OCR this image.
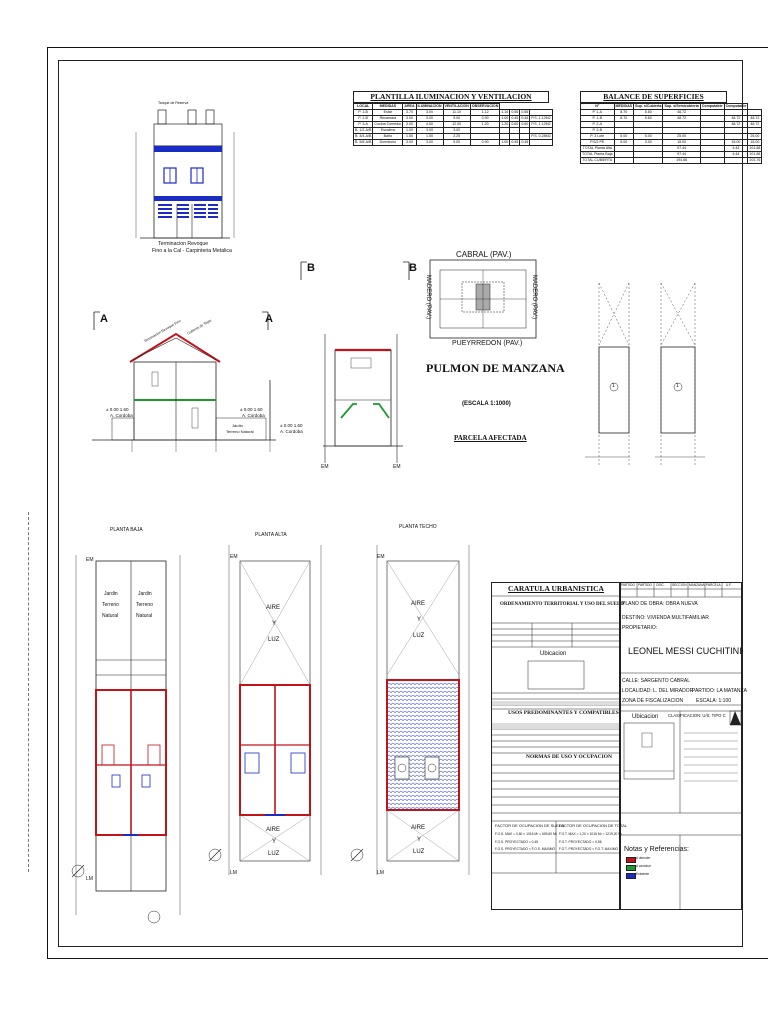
Tanque de Reserva
Terminacion Revoque
Fino a la Cal - Carpinteria Metalica
PLANTILLA ILUMINACION Y VENTILACION
LOCAL	MEDIDAS	AREA	ILUMINACION	VENTILACION	OBSERVACION				
P. 1-B	Estar	3.70	3.00	11.10	1.12	1.10	0.56	0.56	
P. 2-B	Recamara	3.00	3.00	9.00	0.90	1.00	0.45	0.45	P.S. 1.12M2
P. 3-A	Cocina Comedor	3.00	4.00	12.00	1.20	1.20	0.60	0.60	P.S. 1.12M2
B. 1/2-A/B	Escalera	1.00	3.00	3.00					
B. 3/4-A/B	Baño	1.50	1.50	2.25					P.S. 0.28M2
B. 5/6-A/B	Dormitorio	3.00	3.00	9.00	0.90	1.00	0.45	0.45	
BALANCE DE SUPERFICIES
N°	MEDIDAS	Sup. s/Cubierta	Sup. s/Semicubierta	Computable	Computable	
P. 1-A	8.70	5.60	48.72			
P. 1-B	8.70	5.60	48.72		48.72	48.72
P. 2-A					48.72	48.72
P. 2-B						
P. 3 Lote	5.00	5.00	25.00			25.00
P.S/2 PE	5.00	3.00	15.00		15.00	15.00
TOTAL Planta Alta			97.44		4.44	101.88
TOTAL Planta Baja			97.44		4.44	101.88
TOTAL CUBIERTA			194.88			203.76
A	A
Terminacion Revoque Fino Cubierta de Tejas
± 0.00 1.60
A. Cordoba
± 0.00 1.60
A. Cordoba
Jardin
Terreno Natural
± 0.00 1.60
A. Cordoba
B	B
EM	EM
CABRAL (PAV.)
PUEYRREDON (PAV.)
MADERO (PAV.)	MADERO (PAV.)
PULMON DE MANZANA
(ESCALA 1:1000)
PARCELA AFECTADA
1	1
PLANTA BAJA
Jardin
Terreno
Natural
Jardin
Terreno
Natural
EM
LM
PLANTA ALTA
AIRE
Y
LUZ
AIRE
Y
LUZ
EM
LM
PLANTA TECHO
AIRE
Y
LUZ
AIRE
Y
LUZ
EM
LM
CARATULA URBANISTICA
ORDENAMIENTO TERRITORIAL Y USO DEL SUELO
Ubicacion
USOS PREDOMINANTES Y COMPATIBLES
NORMAS DE USO Y OCUPACION
FACTOR DE OCUPACION DE SUELO
FACTOR DE OCUPACION DE TOTAL
F.O.S. MAX = 0,60 × 1016 M² = 609,60 M²
F.O.S. PROYECTADO = 0,45
F.O.S. PROYECTADO < F.O.S. MAXIMO
F.O.T. MAX = 1,20 × 1016 M² = 1219,20 M²
F.O.T. PROYECTADO = 0,56
F.O.T. PROYECTADO < F.O.T. MAXIMO
PARTIDO PARTIDO CIRC. SECCION MANZANA PARCELA U.F.
PLANO DE OBRA: OBRA NUEVA
DESTINO: VIVIENDA MULTIFAMILIAR
PROPIETARIO:
LEONEL MESSI CUCHITINI
CALLE: SARGENTO CABRAL
LOCALIDAD: L. DEL MIRADOR
PARTIDO: LA MATANZA
ZONA DE FISCALIZACION	ESCALA: 1:100
Ubicacion CLASIFICACION: U/S: TIPO C
Notas y Referencias:
A demoler
A construir
Existente
